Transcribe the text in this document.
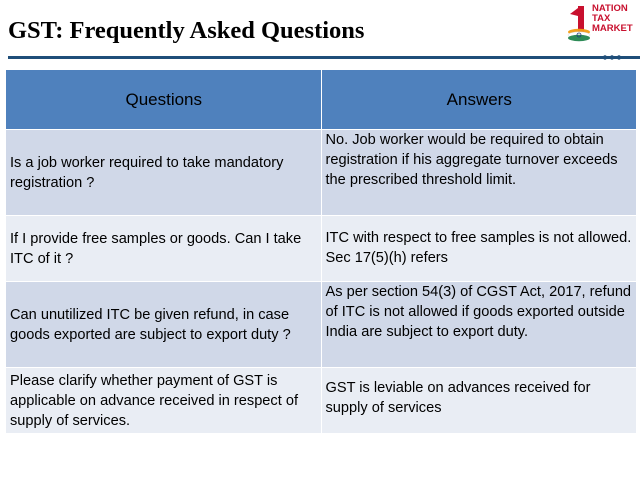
GST: Frequently Asked Questions
NATION
TAX
MARKET
Questions	Answers
Is a job worker required to take mandatory registration ?	No. Job worker would be required to obtain registration if his aggregate turnover exceeds the prescribed threshold limit.
If I provide free samples or goods. Can I take ITC of it ?	ITC with respect to free samples is not allowed. Sec 17(5)(h) refers
Can unutilized ITC be given refund, in case goods exported are subject to export duty ?	As per section 54(3) of CGST Act, 2017, refund of ITC is not allowed if goods exported outside India are subject to export duty.
Please clarify whether payment of GST is applicable on advance received in respect of supply of services.	GST is leviable on advances received for supply of services
